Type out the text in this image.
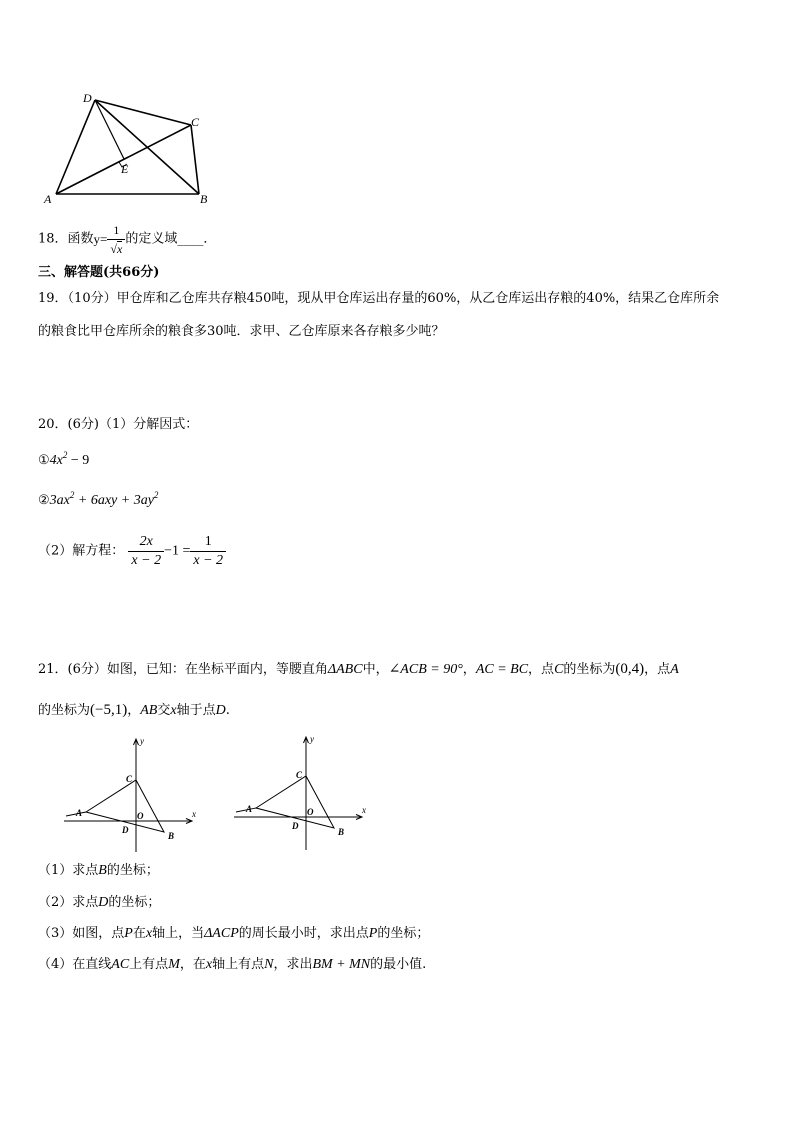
D
C
E
A	B
18．函数$y= \frac{1}{√x}$ 的定义域____．
三、解答题(共66分)
19．（10分）甲仓库和乙仓库共存粮450吨，现从甲仓库运出存量的60%，从乙仓库运出存粮的40%，结果乙仓库所余
的粮食比甲仓库所余的粮食多30吨．求甲、乙仓库原来各存粮多少吨？
20．(6分)（1）分解因式：
$①4x^2 - 9$
$②3ax^2 + 6axy + 3ay^2$
（2）解方程： $\frac{2x}{x - 2} -1 = \frac{1}{x - 2}$
21．(6分）如图，已知：在坐标平面内，等腰直角ΔABC中，∠ACB = 90°，AC = BC，点C的坐标为(0,4)，点A
的坐标为(−5,1)，AB交x轴于点D.
y
x
C
A	O
D
B
y
x
C
A	O
D
B
（1）求点B的坐标；
（2）求点D的坐标；
（3）如图，点P在x轴上，当ΔACP的周长最小时，求出点P的坐标；
（4）在直线AC上有点M，在x轴上有点N，求出BM + MN的最小值.
